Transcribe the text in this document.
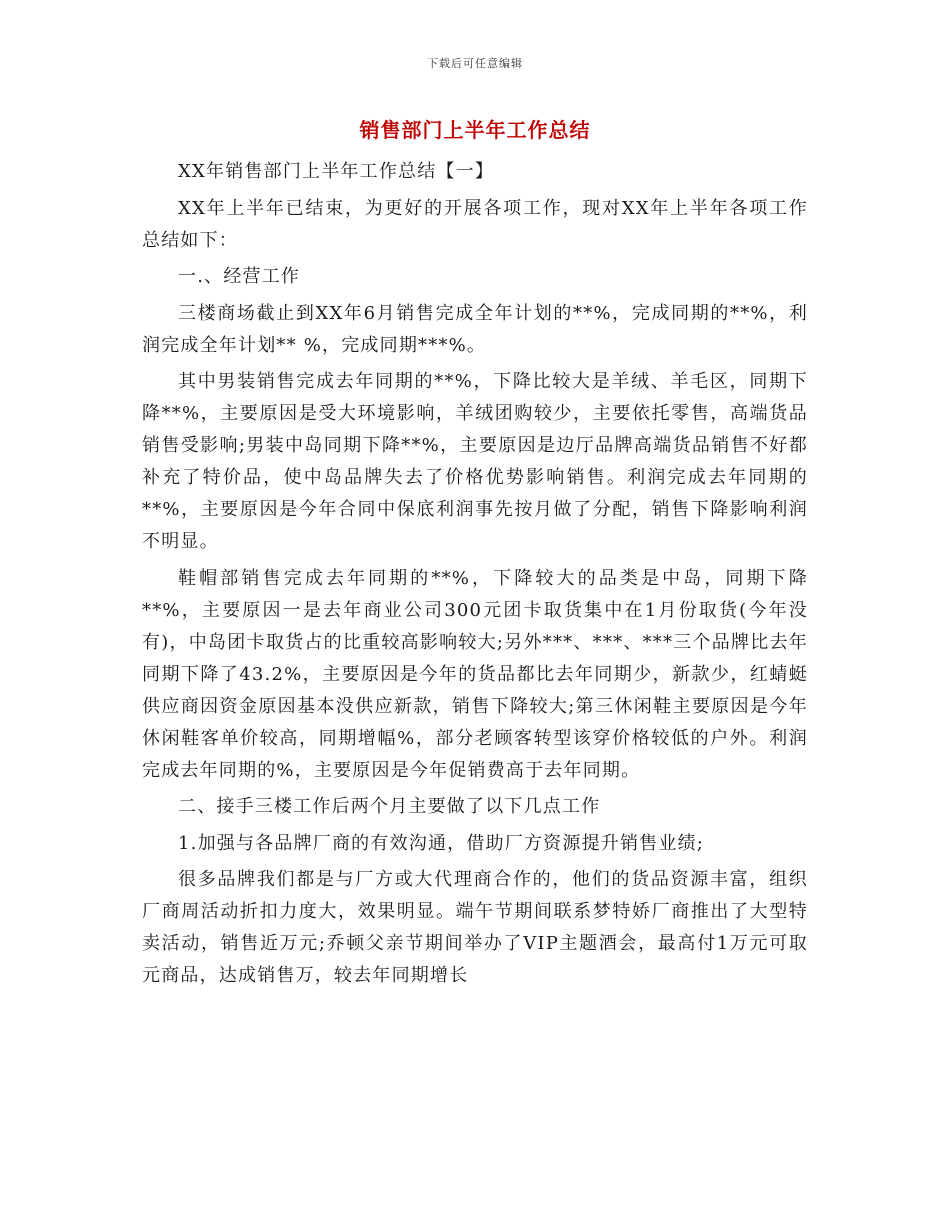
下载后可任意编辑
销售部门上半年工作总结

XX年销售部门上半年工作总结【一】

XX年上半年已结束，为更好的开展各项工作，现对XX年上半年各项工作总结如下：

一.、经营工作

三楼商场截止到XX年6月销售完成全年计划的**%，完成同期的**%，利润完成全年计划** %，完成同期***%。

其中男装销售完成去年同期的**%，下降比较大是羊绒、羊毛区，同期下降**%，主要原因是受大环境影响，羊绒团购较少，主要依托零售，高端货品销售受影响;男装中岛同期下降**%，主要原因是边厅品牌高端货品销售不好都补充了特价品，使中岛品牌失去了价格优势影响销售。利润完成去年同期的**%，主要原因是今年合同中保底利润事先按月做了分配，销售下降影响利润不明显。

鞋帽部销售完成去年同期的**%，下降较大的品类是中岛，同期下降**%，主要原因一是去年商业公司300元团卡取货集中在1月份取货(今年没有)，中岛团卡取货占的比重较高影响较大;另外***、***、***三个品牌比去年同期下降了43.2%，主要原因是今年的货品都比去年同期少，新款少，红蜻蜓供应商因资金原因基本没供应新款，销售下降较大;第三休闲鞋主要原因是今年休闲鞋客单价较高，同期增幅%，部分老顾客转型该穿价格较低的户外。利润完成去年同期的%，主要原因是今年促销费高于去年同期。

二、接手三楼工作后两个月主要做了以下几点工作

1.加强与各品牌厂商的有效沟通，借助厂方资源提升销售业绩;

很多品牌我们都是与厂方或大代理商合作的，他们的货品资源丰富，组织厂商周活动折扣力度大，效果明显。端午节期间联系梦特娇厂商推出了大型特卖活动，销售近万元;乔顿父亲节期间举办了VIP主题酒会，最高付1万元可取元商品，达成销售万，较去年同期增长
